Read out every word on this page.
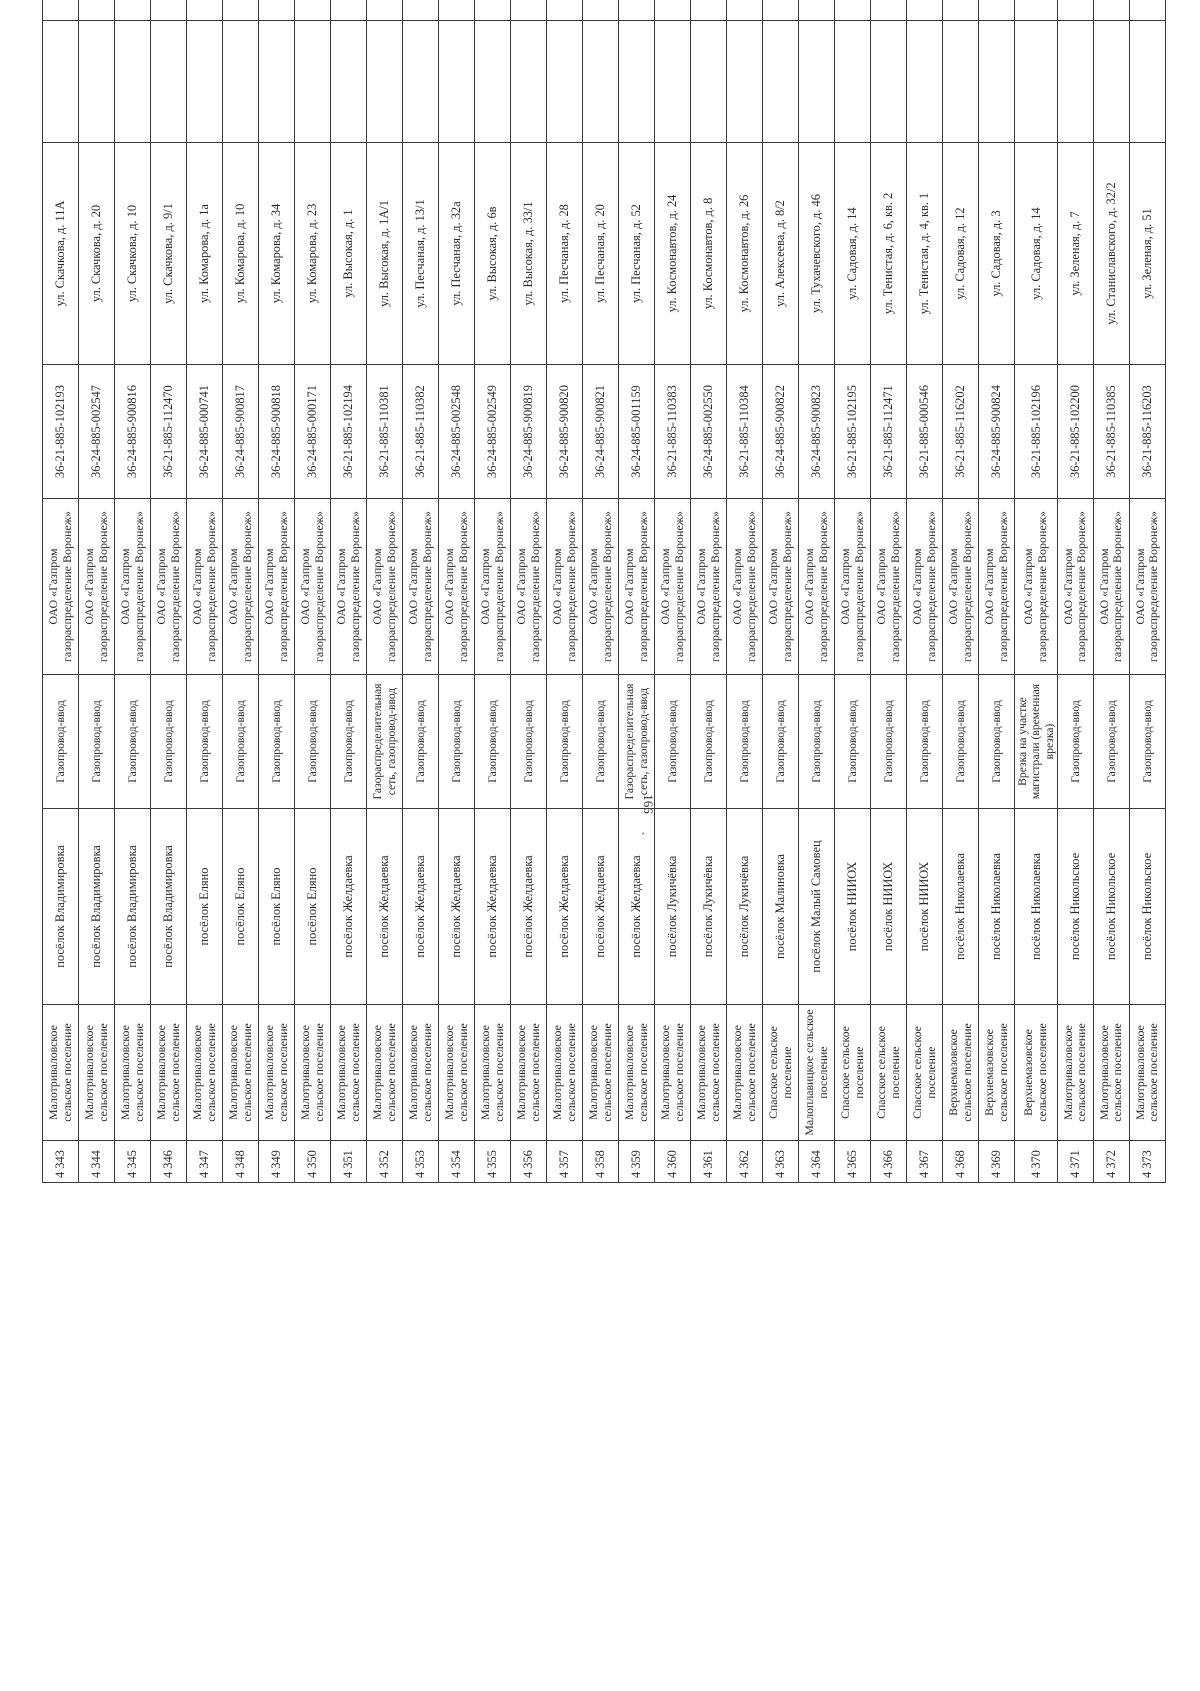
166
ˎ
4 343	Малотриваловское сельское поселение	посёлок Владимировка	Газопровод-ввод	ОАО «Газпром газораспределение Воронеж»	36-21-885-102193	ул. Скачкова, д. 11А				
4 344	Малотриваловское сельское поселение	посёлок Владимировка	Газопровод-ввод	ОАО «Газпром газораспределение Воронеж»	36-24-885-002547	ул. Скачкова, д. 20				
4 345	Малотриваловское сельское поселение	посёлок Владимировка	Газопровод-ввод	ОАО «Газпром газораспределение Воронеж»	36-24-885-900816	ул. Скачкова, д. 10				
4 346	Малотриваловское сельское поселение	посёлок Владимировка	Газопровод-ввод	ОАО «Газпром газораспределение Воронеж»	36-21-885-112470	ул. Скачкова, д. 9/1				
4 347	Малотриваловское сельское поселение	посёлок Еляно	Газопровод-ввод	ОАО «Газпром газораспределение Воронеж»	36-24-885-000741	ул. Комарова, д. 1а				
4 348	Малотриваловское сельское поселение	посёлок Еляно	Газопровод-ввод	ОАО «Газпром газораспределение Воронеж»	36-24-885-900817	ул. Комарова, д. 10				
4 349	Малотриваловское сельское поселение	посёлок Еляно	Газопровод-ввод	ОАО «Газпром газораспределение Воронеж»	36-24-885-900818	ул. Комарова, д. 34				
4 350	Малотриваловское сельское поселение	посёлок Еляно	Газопровод-ввод	ОАО «Газпром газораспределение Воронеж»	36-24-885-000171	ул. Комарова, д. 23				
4 351	Малотриваловское сельское поселение	посёлок Желдаевка	Газопровод-ввод	ОАО «Газпром газораспределение Воронеж»	36-21-885-102194	ул. Высокая, д. 1				
4 352	Малотриваловское сельское поселение	посёлок Желдаевка	Газораспределительная сеть, газопровод-ввод	ОАО «Газпром газораспределение Воронеж»	36-21-885-110381	ул. Высокая, д. 1А/1				
4 353	Малотриваловское сельское поселение	посёлок Желдаевка	Газопровод-ввод	ОАО «Газпром газораспределение Воронеж»	36-21-885-110382	ул. Песчаная, д. 13/1				
4 354	Малотриваловское сельское поселение	посёлок Желдаевка	Газопровод-ввод	ОАО «Газпром газораспределение Воронеж»	36-24-885-002548	ул. Песчаная, д. 32а				
4 355	Малотриваловское сельское поселение	посёлок Желдаевка	Газопровод-ввод	ОАО «Газпром газораспределение Воронеж»	36-24-885-002549	ул. Высокая, д. 6в				
4 356	Малотриваловское сельское поселение	посёлок Желдаевка	Газопровод-ввод	ОАО «Газпром газораспределение Воронеж»	36-24-885-900819	ул. Высокая, д. 33/1				
4 357	Малотриваловское сельское поселение	посёлок Желдаевка	Газопровод-ввод	ОАО «Газпром газораспределение Воронеж»	36-24-885-900820	ул. Песчаная, д. 28				
4 358	Малотриваловское сельское поселение	посёлок Желдаевка	Газопровод-ввод	ОАО «Газпром газораспределение Воронеж»	36-24-885-900821	ул. Песчаная, д. 20				
4 359	Малотриваловское сельское поселение	посёлок Желдаевка	Газораспределительная сеть, газопровод-ввод	ОАО «Газпром газораспределение Воронеж»	36-24-885-001159	ул. Песчаная, д. 52				
4 360	Малотриваловское сельское поселение	посёлок Лукичёвка	Газопровод-ввод	ОАО «Газпром газораспределение Воронеж»	36-21-885-110383	ул. Космонавтов, д. 24				
4 361	Малотриваловское сельское поселение	посёлок Лукичёвка	Газопровод-ввод	ОАО «Газпром газораспределение Воронеж»	36-24-885-002550	ул. Космонавтов, д. 8				
4 362	Малотриваловское сельское поселение	посёлок Лукичёвка	Газопровод-ввод	ОАО «Газпром газораспределение Воронеж»	36-21-885-110384	ул. Космонавтов, д. 26				
4 363	Спасское сельское поселение	посёлок Малиновка	Газопровод-ввод	ОАО «Газпром газораспределение Воронеж»	36-24-885-900822	ул. Алексеева, д. 8/2				
4 364	Малоплавицкое сельское поселение	посёлок Малый Самовец	Газопровод-ввод	ОАО «Газпром газораспределение Воронеж»	36-24-885-900823	ул. Тухачевского, д. 46				
4 365	Спасское сельское поселение	посёлок НИИОХ	Газопровод-ввод	ОАО «Газпром газораспределение Воронеж»	36-21-885-102195	ул. Садовая, д. 14				
4 366	Спасское сельское поселение	посёлок НИИОХ	Газопровод-ввод	ОАО «Газпром газораспределение Воронеж»	36-21-885-112471	ул. Тенистая, д. 6, кв. 2				
4 367	Спасское сельское поселение	посёлок НИИОХ	Газопровод-ввод	ОАО «Газпром газораспределение Воронеж»	36-21-885-000546	ул. Тенистая, д. 4, кв. 1				
4 368	Верхнемазовское сельское поселение	посёлок Николаевка	Газопровод-ввод	ОАО «Газпром газораспределение Воронеж»	36-21-885-116202	ул. Садовая, д. 12				
4 369	Верхнемазовское сельское поселение	посёлок Николаевка	Газопровод-ввод	ОАО «Газпром газораспределение Воронеж»	36-24-885-900824	ул. Садовая, д. 3				
4 370	Верхнемазовское сельское поселение	посёлок Николаевка	Врезка на участке магистрали (временная врезка)	ОАО «Газпром газораспределение Воронеж»	36-21-885-102196	ул. Садовая, д. 14				
4 371	Малотриваловское сельское поселение	посёлок Никольское	Газопровод-ввод	ОАО «Газпром газораспределение Воронеж»	36-21-885-102200	ул. Зеленая, д. 7				
4 372	Малотриваловское сельское поселение	посёлок Никольское	Газопровод-ввод	ОАО «Газпром газораспределение Воронеж»	36-21-885-110385	ул. Станиславского, д. 32/2				
4 373	Малотриваловское сельское поселение	посёлок Никольское	Газопровод-ввод	ОАО «Газпром газораспределение Воронеж»	36-21-885-116203	ул. Зеленая, д. 51				
